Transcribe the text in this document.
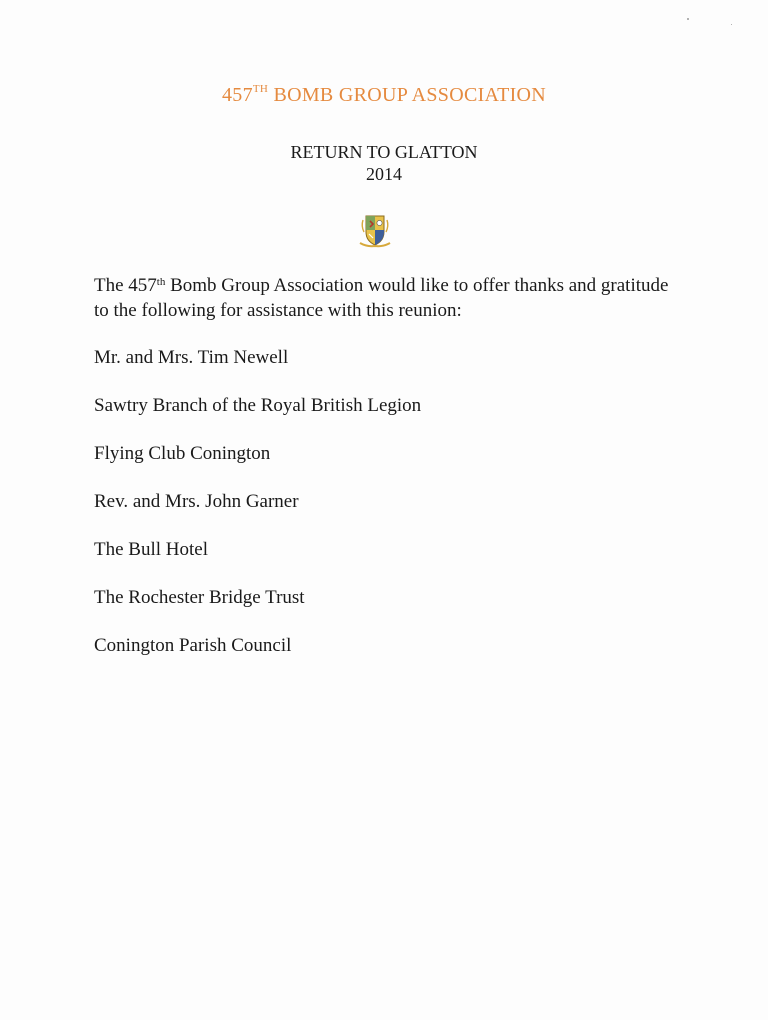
457TH BOMB GROUP ASSOCIATION
RETURN TO GLATTON
2014
The 457th Bomb Group Association would like to offer thanks and gratitude to the following for assistance with this reunion:
Mr. and Mrs. Tim Newell
Sawtry Branch of the Royal British Legion
Flying Club Conington
Rev. and Mrs. John Garner
The Bull Hotel
The Rochester Bridge Trust
Conington Parish Council
